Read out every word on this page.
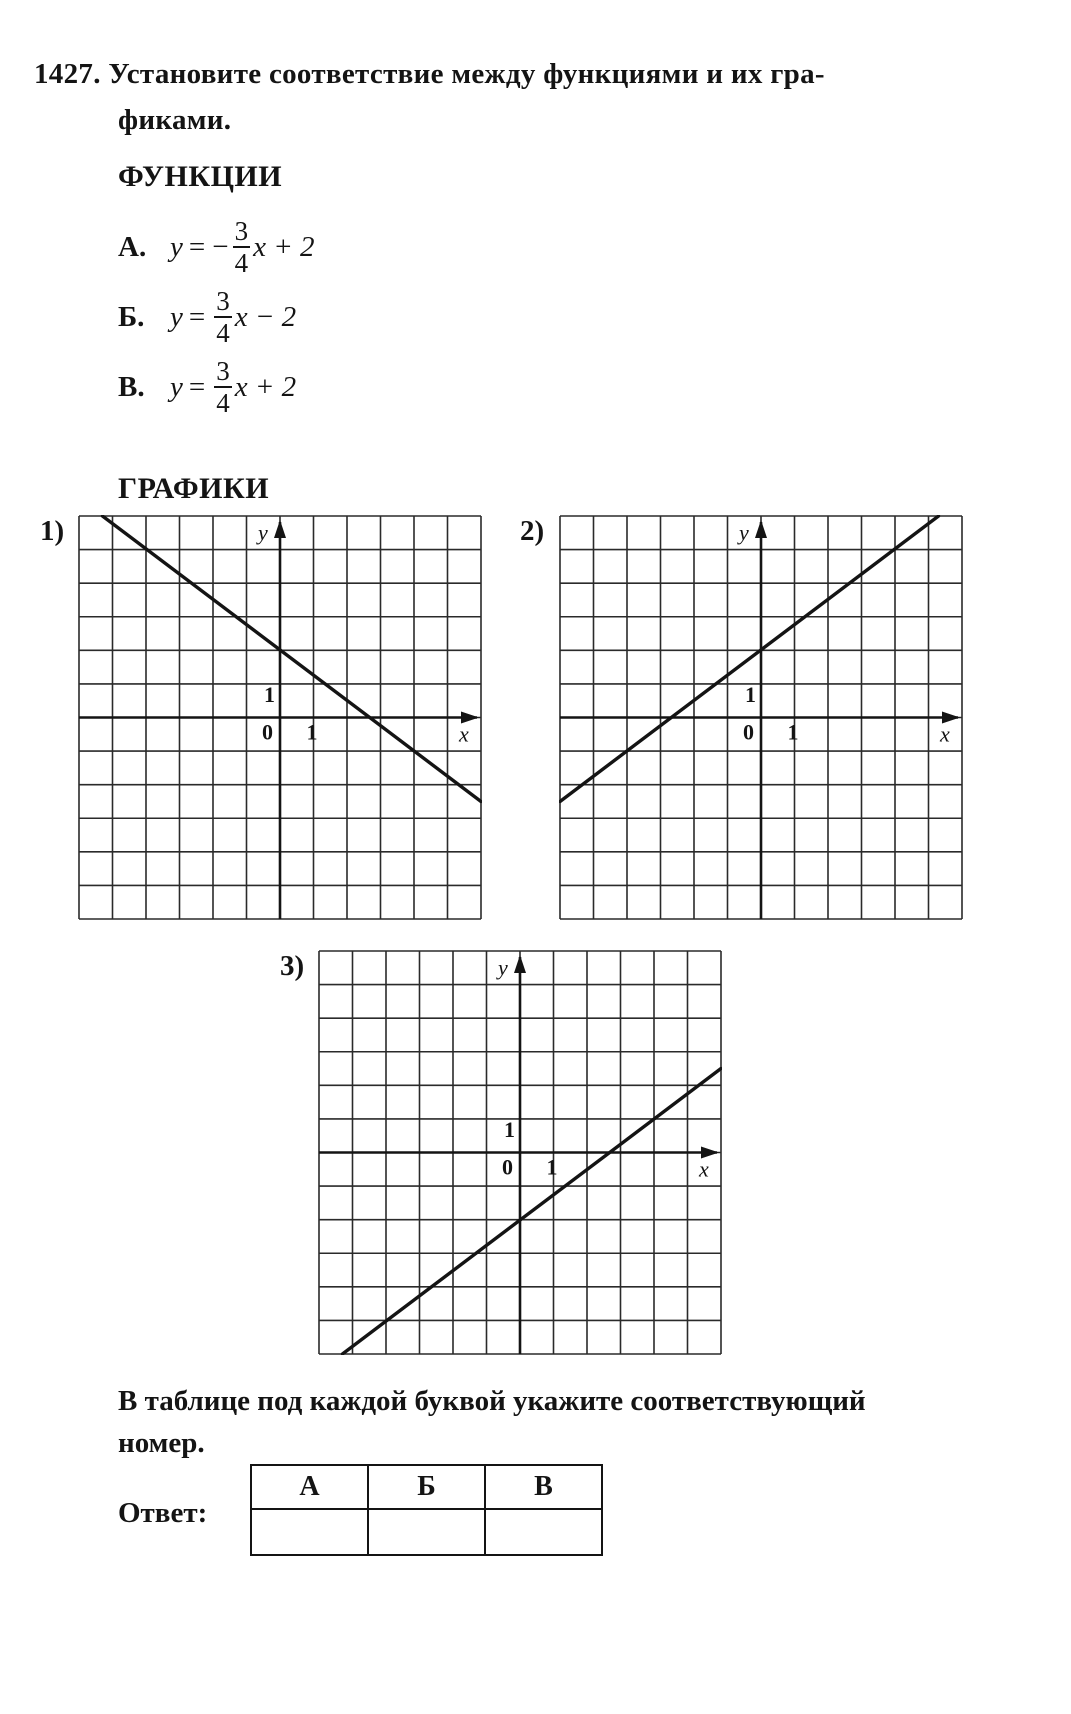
1427. Установите соответствие между функциями и их гра-
фиками.
ФУНКЦИИ
А. y = − $\frac{3}{4}$ x + 2
Б. $y = \frac{3}{4}$ x − 2
В. $y = \frac{3}{4}$ x + 2
ГРАФИКИ
1)	2)
3)
y
x
0 1
1
y
x
0 1
1
y
x
0 1
1
В таблице под каждой буквой укажите соответствующий
номер.
Ответ:
А	Б	В
